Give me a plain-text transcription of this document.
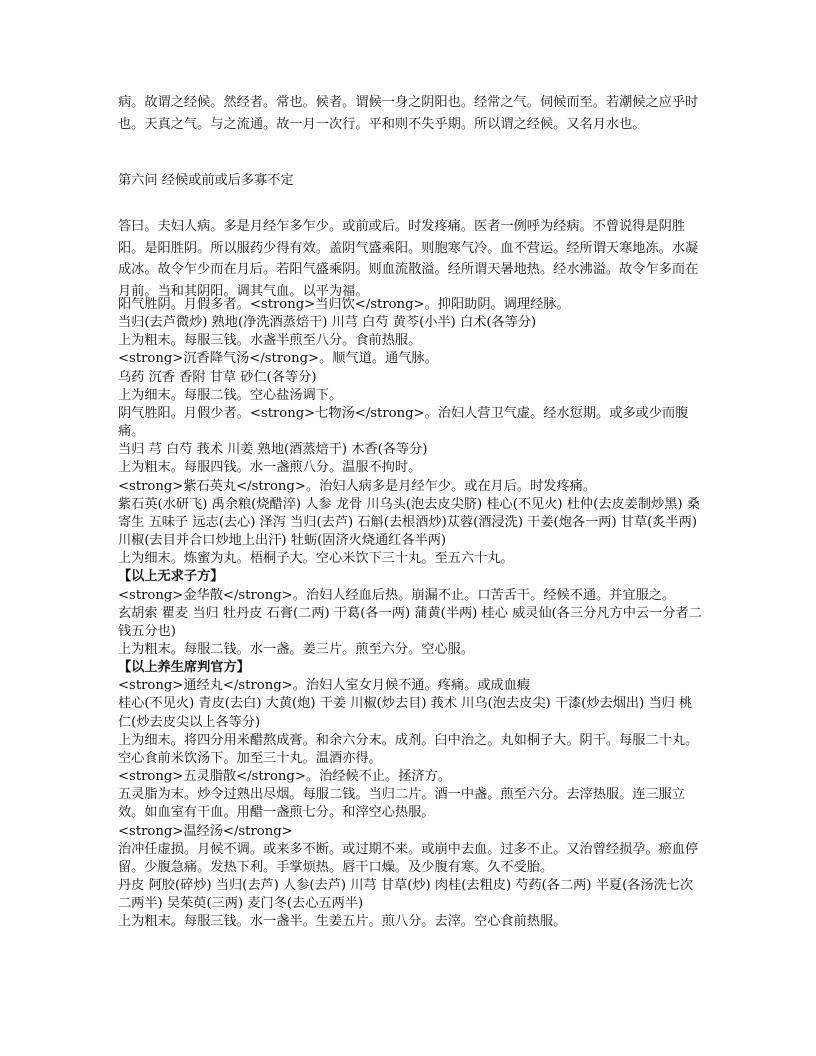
病。故谓之经候。然经者。常也。候者。谓候一身之阴阳也。经常之气。伺候而至。若潮候之应乎时也。天真之气。与之流通。故一月一次行。平和则不失乎期。所以谓之经候。又名月水也。

第六问 经候或前或后多寡不定

答曰。夫妇人病。多是月经乍多乍少。或前或后。时发疼痛。医者一例呼为经病。不曾说得是阴胜阳。是阳胜阴。所以服药少得有效。盖阴气盛乘阳。则胞寒气冷。血不营运。经所谓天寒地冻。水凝成冰。故令乍少而在月后。若阳气盛乘阴。则血流散溢。经所谓天暑地热。经水沸溢。故令乍多而在月前。当和其阴阳。调其气血。以平为福。

阳气胜阴。月假多者。<strong>当归饮</strong>。抑阳助阴。调理经脉。

当归(去芦微炒) 熟地(净洗酒蒸焙干) 川芎 白芍 黄芩(小半) 白术(各等分)

上为粗末。每服三钱。水盏半煎至八分。食前热服。

<strong>沉香降气汤</strong>。顺气道。通气脉。

乌药 沉香 香附 甘草 砂仁(各等分)

上为细末。每服二钱。空心盐汤调下。

阴气胜阳。月假少者。<strong>七物汤</strong>。治妇人营卫气虚。经水愆期。或多或少而腹痛。

当归 芎 白芍 莪术 川姜 熟地(酒蒸焙干) 木香(各等分)

上为粗末。每服四钱。水一盏煎八分。温服不拘时。

<strong>紫石英丸</strong>。治妇人病多是月经乍少。或在月后。时发疼痛。

紫石英(水研飞) 禹余粮(烧醋淬) 人参 龙骨 川乌头(泡去皮尖脐) 桂心(不见火) 杜仲(去皮姜制炒黑) 桑寄生 五味子 远志(去心) 泽泻 当归(去芦) 石斛(去根酒炒)苁蓉(酒浸洗) 干姜(炮各一两) 甘草(炙半两) 川椒(去目并合口炒地上出汗) 牡蛎(固济火烧通红各半两)

上为细末。炼蜜为丸。梧桐子大。空心米饮下三十丸。至五六十丸。

【以上无求子方】

<strong>金华散</strong>。治妇人经血后热。崩漏不止。口苦舌干。经候不通。并宜服之。

玄胡索 瞿麦 当归 牡丹皮 石膏(二两) 干葛(各一两) 蒲黄(半两) 桂心 威灵仙(各三分凡方中云一分者二钱五分也)

上为粗末。每服二钱。水一盏。姜三片。煎至六分。空心服。

【以上养生席判官方】

<strong>通经丸</strong>。治妇人室女月候不通。疼痛。或成血瘕

桂心(不见火) 青皮(去白) 大黄(炮) 干姜 川椒(炒去目) 莪术 川乌(泡去皮尖) 干漆(炒去烟出) 当归 桃仁(炒去皮尖以上各等分)

上为细末。将四分用米醋熬成膏。和余六分末。成剂。臼中治之。丸如桐子大。阴干。每服二十丸。空心食前米饮汤下。加至三十丸。温酒亦得。

<strong>五灵脂散</strong>。治经候不止。拯济方。

五灵脂为末。炒令过熟出尽烟。每服二钱。当归二片。酒一中盏。煎至六分。去滓热服。连三服立效。如血室有干血。用醋一盏煎七分。和滓空心热服。

<strong>温经汤</strong>

治冲任虚损。月候不调。或来多不断。或过期不来。或崩中去血。过多不止。又治曾经损孕。瘀血停留。少腹急痛。发热下利。手掌烦热。唇干口燥。及少腹有寒。久不受胎。

丹皮 阿胶(碎炒) 当归(去芦) 人参(去芦) 川芎 甘草(炒) 肉桂(去粗皮) 芍药(各二两) 半夏(各汤洗七次二两半) 吴茱萸(三两) 麦门冬(去心五两半)

上为粗末。每服三钱。水一盏半。生姜五片。煎八分。去滓。空心食前热服。
